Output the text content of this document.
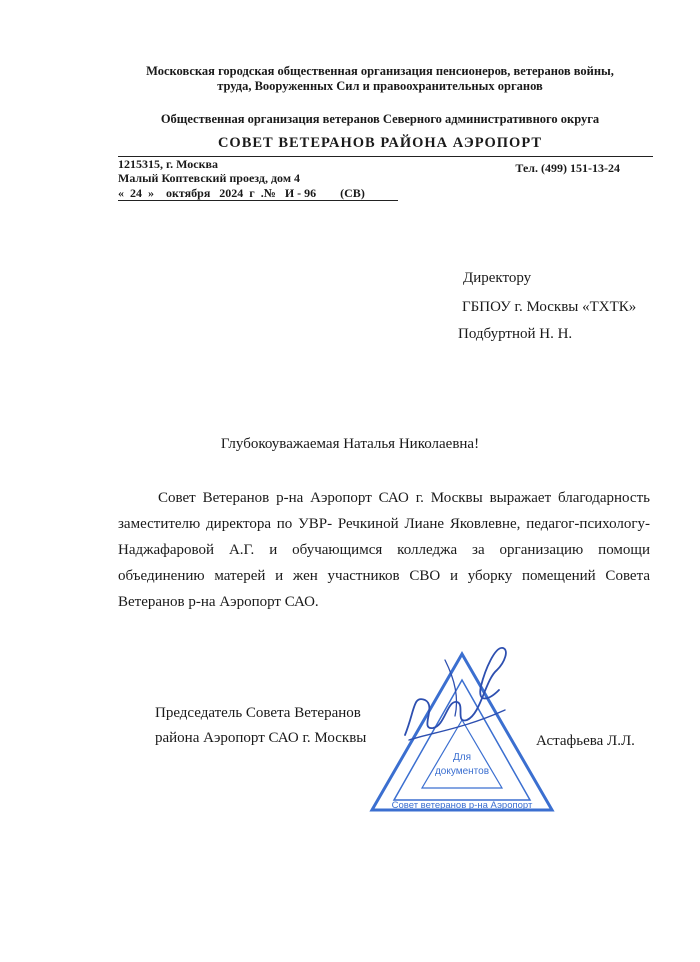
Московская городская общественная организация пенсионеров, ветеранов войны,
труда, Вооруженных Сил и правоохранительных органов
Общественная организация ветеранов Северного административного округа
СОВЕТ ВЕТЕРАНОВ РАЙОНА АЭРОПОРТ
1215315, г. Москва
Малый Коптевский проезд, дом 4
Тел. (499) 151-13-24
«  24  »    октября   2024  г  .№   И - 96        (СВ)
Директору
ГБПОУ г. Москвы «ТХТК»
Подбуртной Н. Н.
Глубокоуважаемая Наталья Николаевна!
Совет Ветеранов р-на Аэропорт САО г. Москвы выражает благодарность заместителю директора по УВР- Речкиной Лиане Яковлевне, педагог-психологу- Наджафаровой А.Г. и обучающимся колледжа за организацию помощи объединению матерей и жен участников СВО и уборку помещений Совета Ветеранов р-на Аэропорт САО.
Председатель Совета Ветеранов
района Аэропорт САО г. Москвы	Астафьева Л.Л.
Для
документов
Совет ветеранов р-на Аэропорт
